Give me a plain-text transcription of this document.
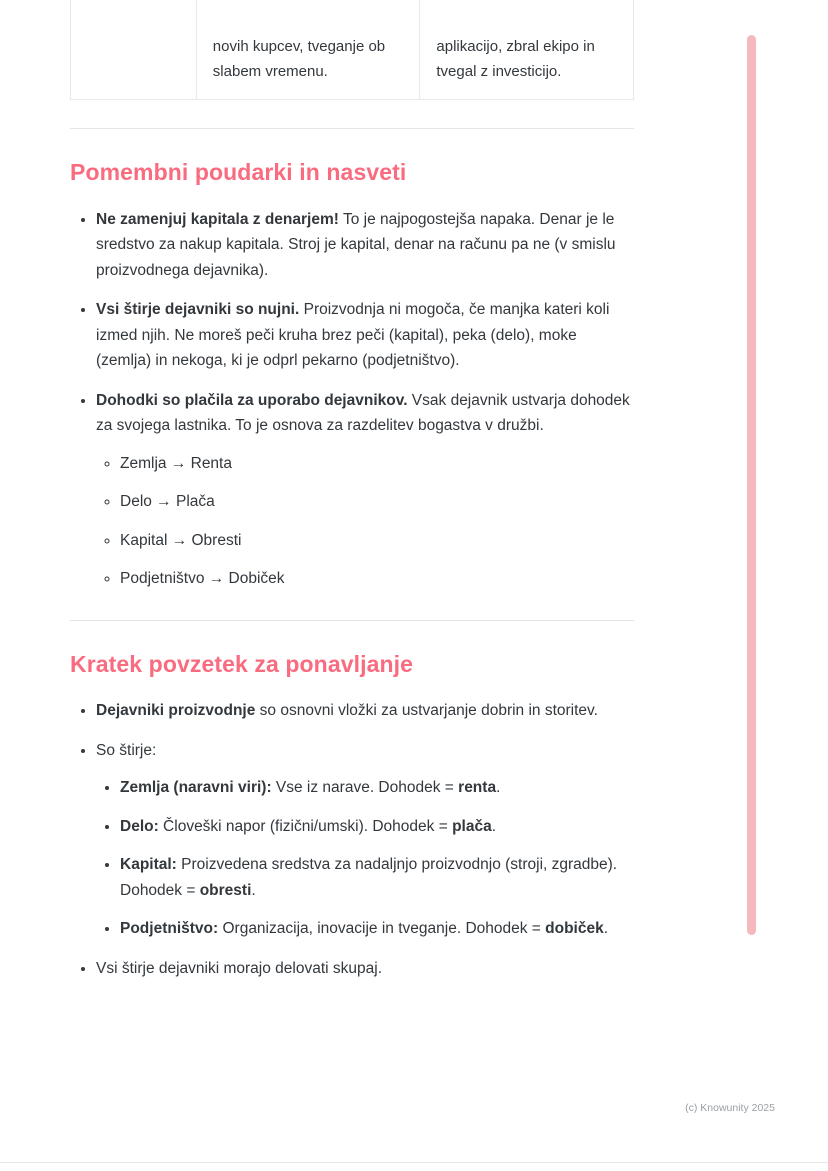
novih kupcev, tveganje ob slabem vremenu.
aplikacijo, zbral ekipo in tvegal z investicijo.
Pomembni poudarki in nasveti
• Ne zamenjuj kapitala z denarjem! To je najpogostejša napaka. Denar je le sredstvo za nakup kapitala. Stroj je kapital, denar na računu pa ne (v smislu proizvodnega dejavnika).
• Vsi štirje dejavniki so nujni. Proizvodnja ni mogoča, če manjka kateri koli izmed njih. Ne moreš peči kruha brez peči (kapital), peka (delo), moke (zemlja) in nekoga, ki je odprl pekarno (podjetništvo).
• Dohodki so plačila za uporabo dejavnikov. Vsak dejavnik ustvarja dohodek za svojega lastnika. To je osnova za razdelitev bogastva v družbi.
◦ Zemlja → Renta
◦ Delo → Plača
◦ Kapital → Obresti
◦ Podjetništvo → Dobiček
Kratek povzetek za ponavljanje
• Dejavniki proizvodnje so osnovni vložki za ustvarjanje dobrin in storitev.
• So štirje:
• Zemlja (naravni viri): Vse iz narave. Dohodek = renta.
• Delo: Človeški napor (fizični/umski). Dohodek = plača.
• Kapital: Proizvedena sredstva za nadaljnjo proizvodnjo (stroji, zgradbe). Dohodek = obresti.
• Podjetništvo: Organizacija, inovacije in tveganje. Dohodek = dobiček.
• Vsi štirje dejavniki morajo delovati skupaj.
(c) Knowunity 2025
